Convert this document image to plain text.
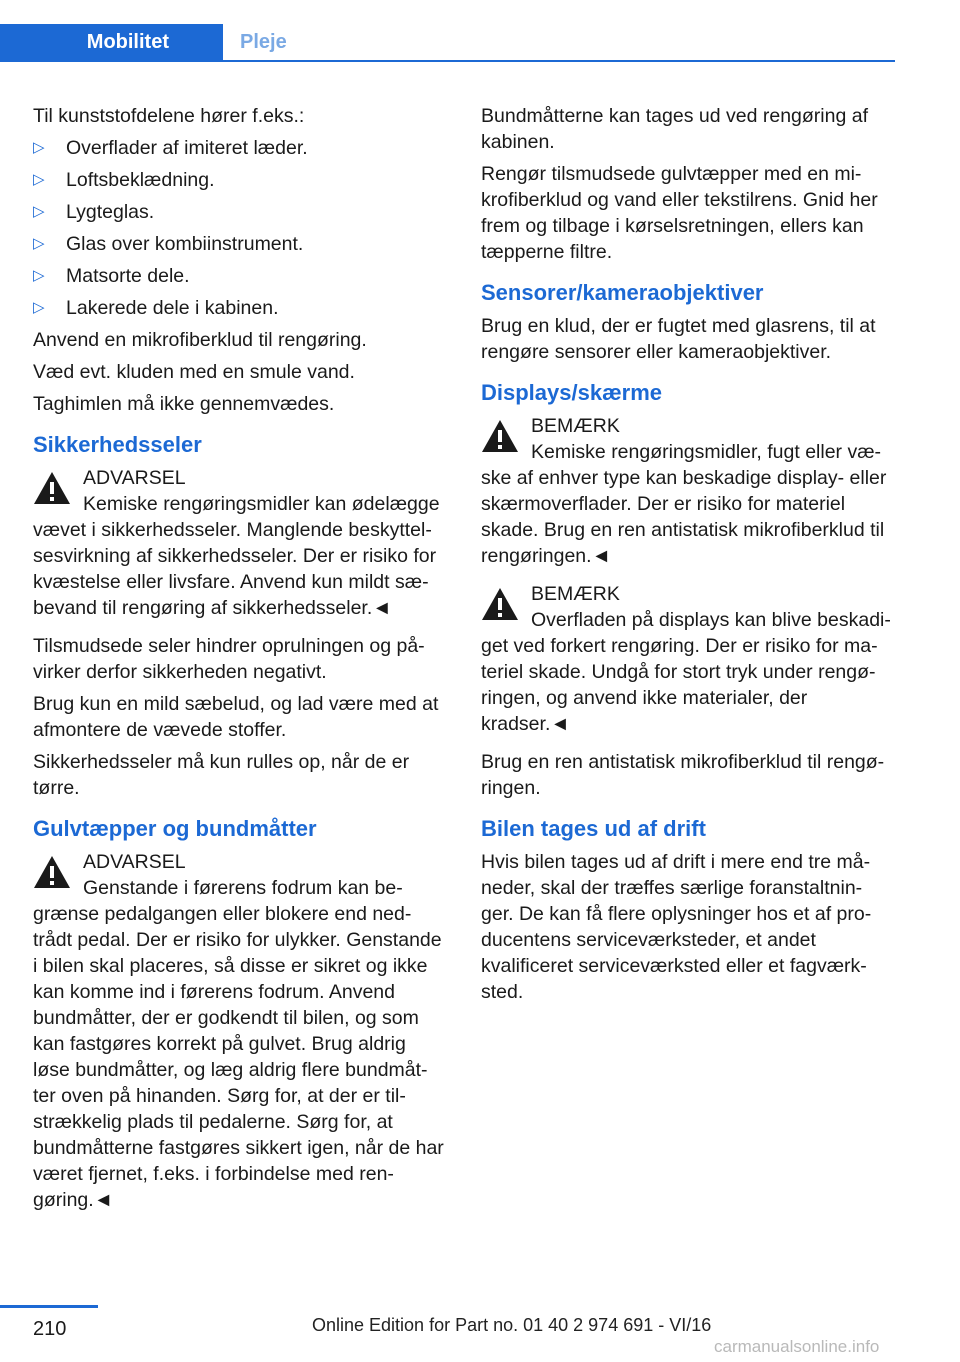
Mobilitet	Pleje

Til kunststofdelene hører f.eks.:

▷ Overflader af imiteret læder.
▷ Loftsbeklædning.
▷ Lygteglas.
▷ Glas over kombiinstrument.
▷ Matsorte dele.
▷ Lakerede dele i kabinen.

Anvend en mikrofiberklud til rengøring.

Væd evt. kluden med en smule vand.

Taghimlen må ikke gennemvædes.

Sikkerhedsseler
ADVARSEL
Kemiske rengøringsmidler kan ødelægge
vævet i sikkerhedsseler. Manglende beskyttel- sesvirkning af sikkerhedsseler. Der er risiko for kvæstelse eller livsfare. Anvend kun mildt sæ- bevand til rengøring af sikkerhedsseler.◄

Tilsmudsede seler hindrer oprulningen og på- virker derfor sikkerheden negativt.

Brug kun en mild sæbelud, og lad være med at afmontere de vævede stoffer.

Sikkerhedsseler må kun rulles op, når de er tørre.

Gulvtæpper og bundmåtter
ADVARSEL
Genstande i førerens fodrum kan be-
grænse pedalgangen eller blokere end ned- trådt pedal. Der er risiko for ulykker. Genstande i bilen skal placeres, så disse er sikret og ikke kan komme ind i førerens fodrum. Anvend bundmåtter, der er godkendt til bilen, og som kan fastgøres korrekt på gulvet. Brug aldrig løse bundmåtter, og læg aldrig flere bundmåt- ter oven på hinanden. Sørg for, at der er til- strækkelig plads til pedalerne. Sørg for, at bundmåtterne fastgøres sikkert igen, når de har været fjernet, f.eks. i forbindelse med ren- gøring.◄

Bundmåtterne kan tages ud ved rengøring af kabinen.

Rengør tilsmudsede gulvtæpper med en mi- krofiberklud og vand eller tekstilrens. Gnid her frem og tilbage i kørselsretningen, ellers kan tæpperne filtre.

Sensorer/kameraobjektiver

Brug en klud, der er fugtet med glasrens, til at rengøre sensorer eller kameraobjektiver.

Displays/skærme
BEMÆRK
Kemiske rengøringsmidler, fugt eller væ-
ske af enhver type kan beskadige display- eller skærmoverflader. Der er risiko for materiel skade. Brug en ren antistatisk mikrofiberklud til rengøringen.◄
BEMÆRK
Overfladen på displays kan blive beskadi-
get ved forkert rengøring. Der er risiko for ma- teriel skade. Undgå for stort tryk under rengø- ringen, og anvend ikke materialer, der kradser.◄

Brug en ren antistatisk mikrofiberklud til rengø- ringen.

Bilen tages ud af drift

Hvis bilen tages ud af drift i mere end tre må- neder, skal der træffes særlige foranstaltnin- ger. De kan få flere oplysninger hos et af pro- ducentens serviceværksteder, et andet kvalificeret serviceværksted eller et fagværk- sted.

210	Online Edition for Part no. 01 40 2 974 691 - VI/16
carmanualsonline.info
